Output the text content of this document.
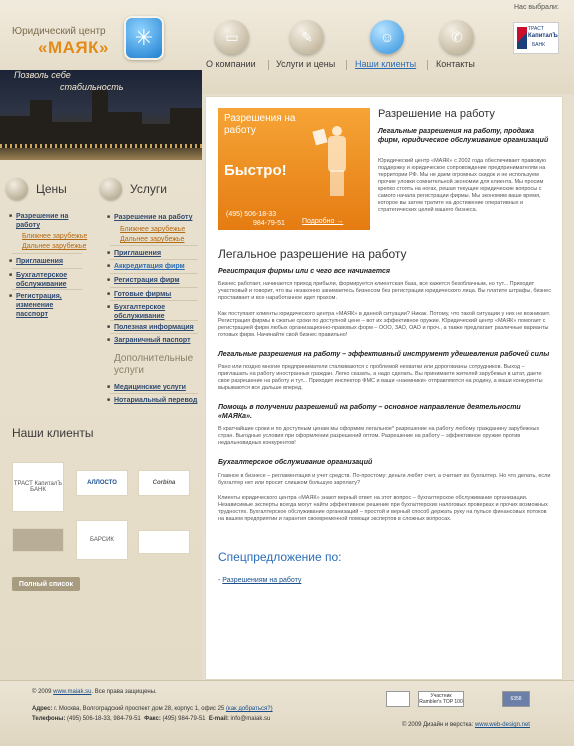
Юридический центр
«МАЯК»	✳	▭	✎	☺	✆
О компании Услуги и цены Наши клиенты Контакты
Нас выбрали:
ТРАСТ
КапиталЪ
БАНК
Позволь себе
стабильность
Цены	Услуги
■ Разрешение на работу
Ближнее зарубежье
Дальнее зарубежье
■ Приглашения
■ Бухгалтерское обслуживание
■ Регистрация, изменение пасспорт
■ Разрешение на работу
Ближнее зарубежье
Дальнее зарубежье
■ Приглашения
■ Аккредитация фирм
■ Регистрация фирм
■ Готовые фирмы
■ Бухгалтерское обслуживание
■ Полезная информация
■ Заграничный паспорт
Дополнительные услуги
■ Медицинские услуги
■ Нотариальный перевод
Наши клиенты
ТРАСТ КапиталЪ БАНК
АЛЛОСТО	Corbina
БАРСИК
Полный список
Разрешения на работу
Быстро!
(495) 506-18-33
984-79-51 Подробно →
Разрешение на работу
Легальные разрешения на работу, продажа фирм, юридическое обслуживание организаций
Юридический центр «МАЯК» с 2002 года обеспечивает правовую поддержку и юридическое сопровождение предпринимателям на территории РФ. Мы не даем огромных скидок и не используем прочие уловки сомнительной экономии для клиента. Мы просим крепко стоять на ногах, решая текущие юридические вопросы с самого начала регистрации фирмы. Мы экономим ваше время, которое вы затем тратите на достижение оперативных и стратегических целей вашего бизнеса.
Легальное разрешение на работу
Регистрация фирмы или с чего все начинается
Бизнес работает, начинается приход прибыли, формируется клиентская база, все кажется безоблачным, но тут... Приходит участковый и говорит, что вы незаконно занимаетесь бизнесом без регистрации юридического лица. Вы платите штрафы, бизнес простаивает и все наработанное идет прахом.
Как поступают клиенты юридического центра «МАЯК» в данной ситуации? Никак. Потому, что такой ситуации у них не возникает. Регистрация фирмы в сжатые сроки по доступной цене – вот их эффективное оружие. Юридический центр «МАЯК» помогает с регистрацией фирм любых организационно-правовых форм – ООО, ЗАО, ОАО и проч., а также предлагает различные варианты готовых фирм. Начинайте свой бизнес правильно!
Легальные разрешения на работу – эффективный инструмент удешевления рабочей силы
Рано или поздно многие предприниматели сталкиваются с проблемой нехватки или дороговизны сотрудников. Выход – приглашать на работу иностранных граждан. Легко сказать, а надо сделать. Вы принимаете жителей зарубежья в штат, даете свое разрешение на работу и тут... Приходит инспектор ФМС и ваши «наемники» отправляются на родину, а ваши конкуренты вырываются все дальше вперед.
Помощь в получении разрешений на работу – основное направление деятельности «МАЯКа».
В кратчайшие сроки и по доступным ценам мы оформим легальное* разрешение на работу любому гражданину зарубежных стран. Выгодные условия при оформлении разрешений оптом. Разрешение на работу – эффективное оружие против недальновидных конкурентов!
Бухгалтерское обслуживание организаций
Главное в бизнесе – регламентация и учет средств. По-простому: деньги любят счет, а считает их бухгалтер. Но что делать, если бухгалтер нет или просит слишком большую зарплату?
Клиенты юридического центра «МАЯК» знают верный ответ на этот вопрос – бухгалтерское обслуживание организации. Независимые эксперты всегда могут найти эффективное решение при бухгалтерских налоговых проверках и прочих возможных трудностях. Бухгалтерское обслуживание организаций – простой и верный способ держать руку на пульсе финансовых потоков на вашем предприятии и гарантия своевременной помощи экспертов в сложных вопросах.
Спецпредложение по:
- Разрешениям на работу
© 2009 www.maiak.su. Все права защищены.
Адрес: г. Москва, Волгоградский проспект дом 28, корпус 1, офис 25 (как добраться?)
Телефоны: (495) 506-18-33, 984-79-51 Факс: (495) 984-79-51 E-mail: info@maiak.su
Участник Rambler's TOP 100	6358
© 2009 Дизайн и верстка: www.web-design.net
